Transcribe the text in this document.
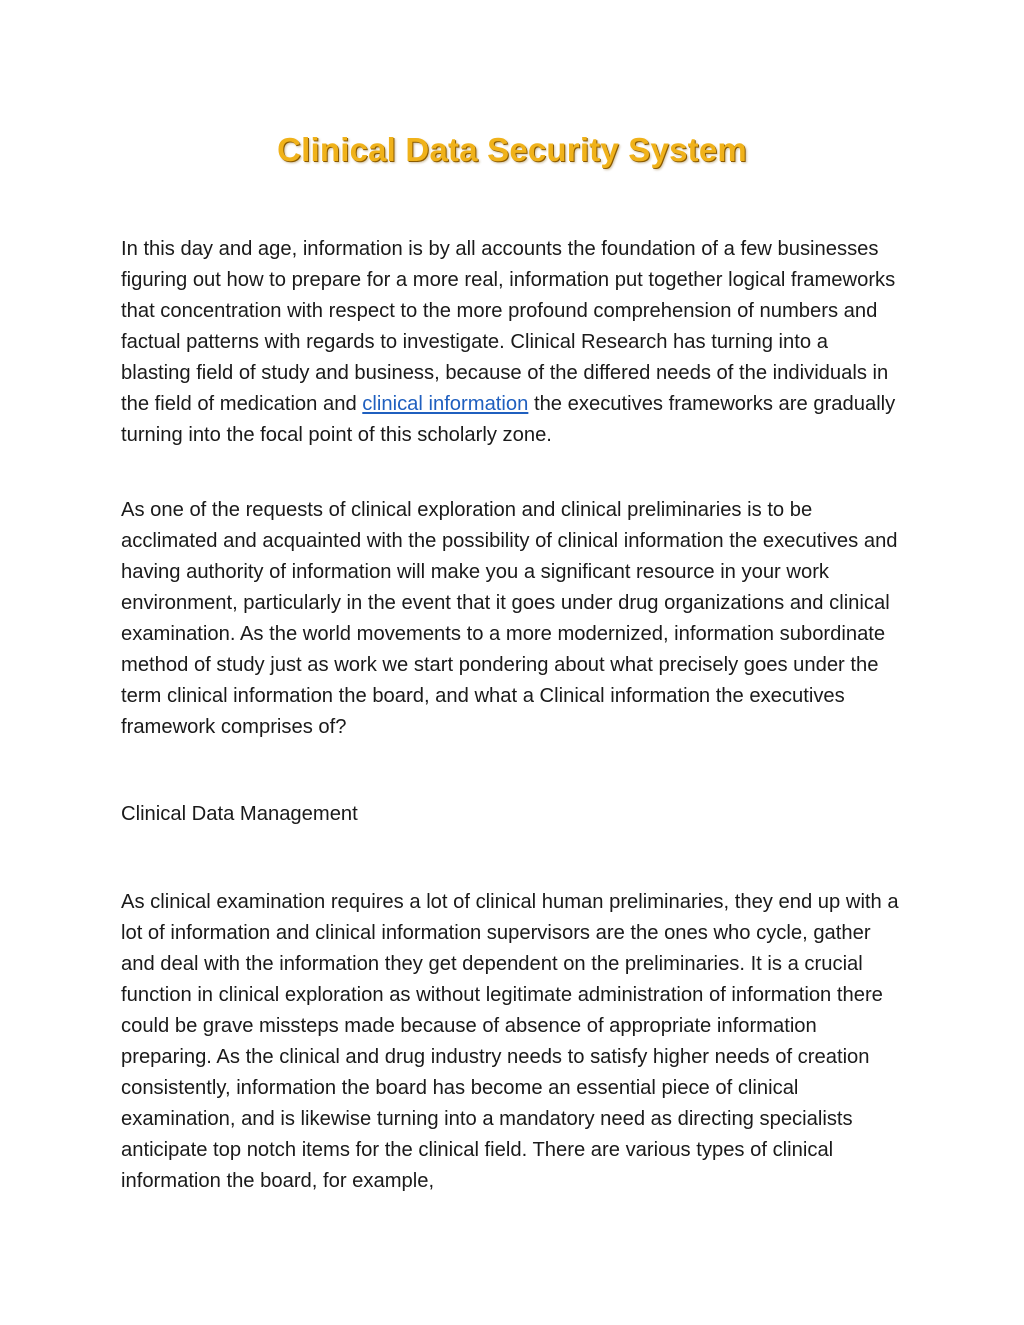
Clinical Data Security System

In this day and age, information is by all accounts the foundation of a few businesses figuring out how to prepare for a more real, information put together logical frameworks that concentration with respect to the more profound comprehension of numbers and factual patterns with regards to investigate. Clinical Research has turning into a blasting field of study and business, because of the differed needs of the individuals in the field of medication and clinical information the executives frameworks are gradually turning into the focal point of this scholarly zone.

As one of the requests of clinical exploration and clinical preliminaries is to be acclimated and acquainted with the possibility of clinical information the executives and having authority of information will make you a significant resource in your work environment, particularly in the event that it goes under drug organizations and clinical examination. As the world movements to a more modernized, information subordinate method of study just as work we start pondering about what precisely goes under the term clinical information the board, and what a Clinical information the executives framework comprises of?

Clinical Data Management

As clinical examination requires a lot of clinical human preliminaries, they end up with a lot of information and clinical information supervisors are the ones who cycle, gather and deal with the information they get dependent on the preliminaries. It is a crucial function in clinical exploration as without legitimate administration of information there could be grave missteps made because of absence of appropriate information preparing. As the clinical and drug industry needs to satisfy higher needs of creation consistently, information the board has become an essential piece of clinical examination, and is likewise turning into a mandatory need as directing specialists anticipate top notch items for the clinical field. There are various types of clinical information the board, for example,
